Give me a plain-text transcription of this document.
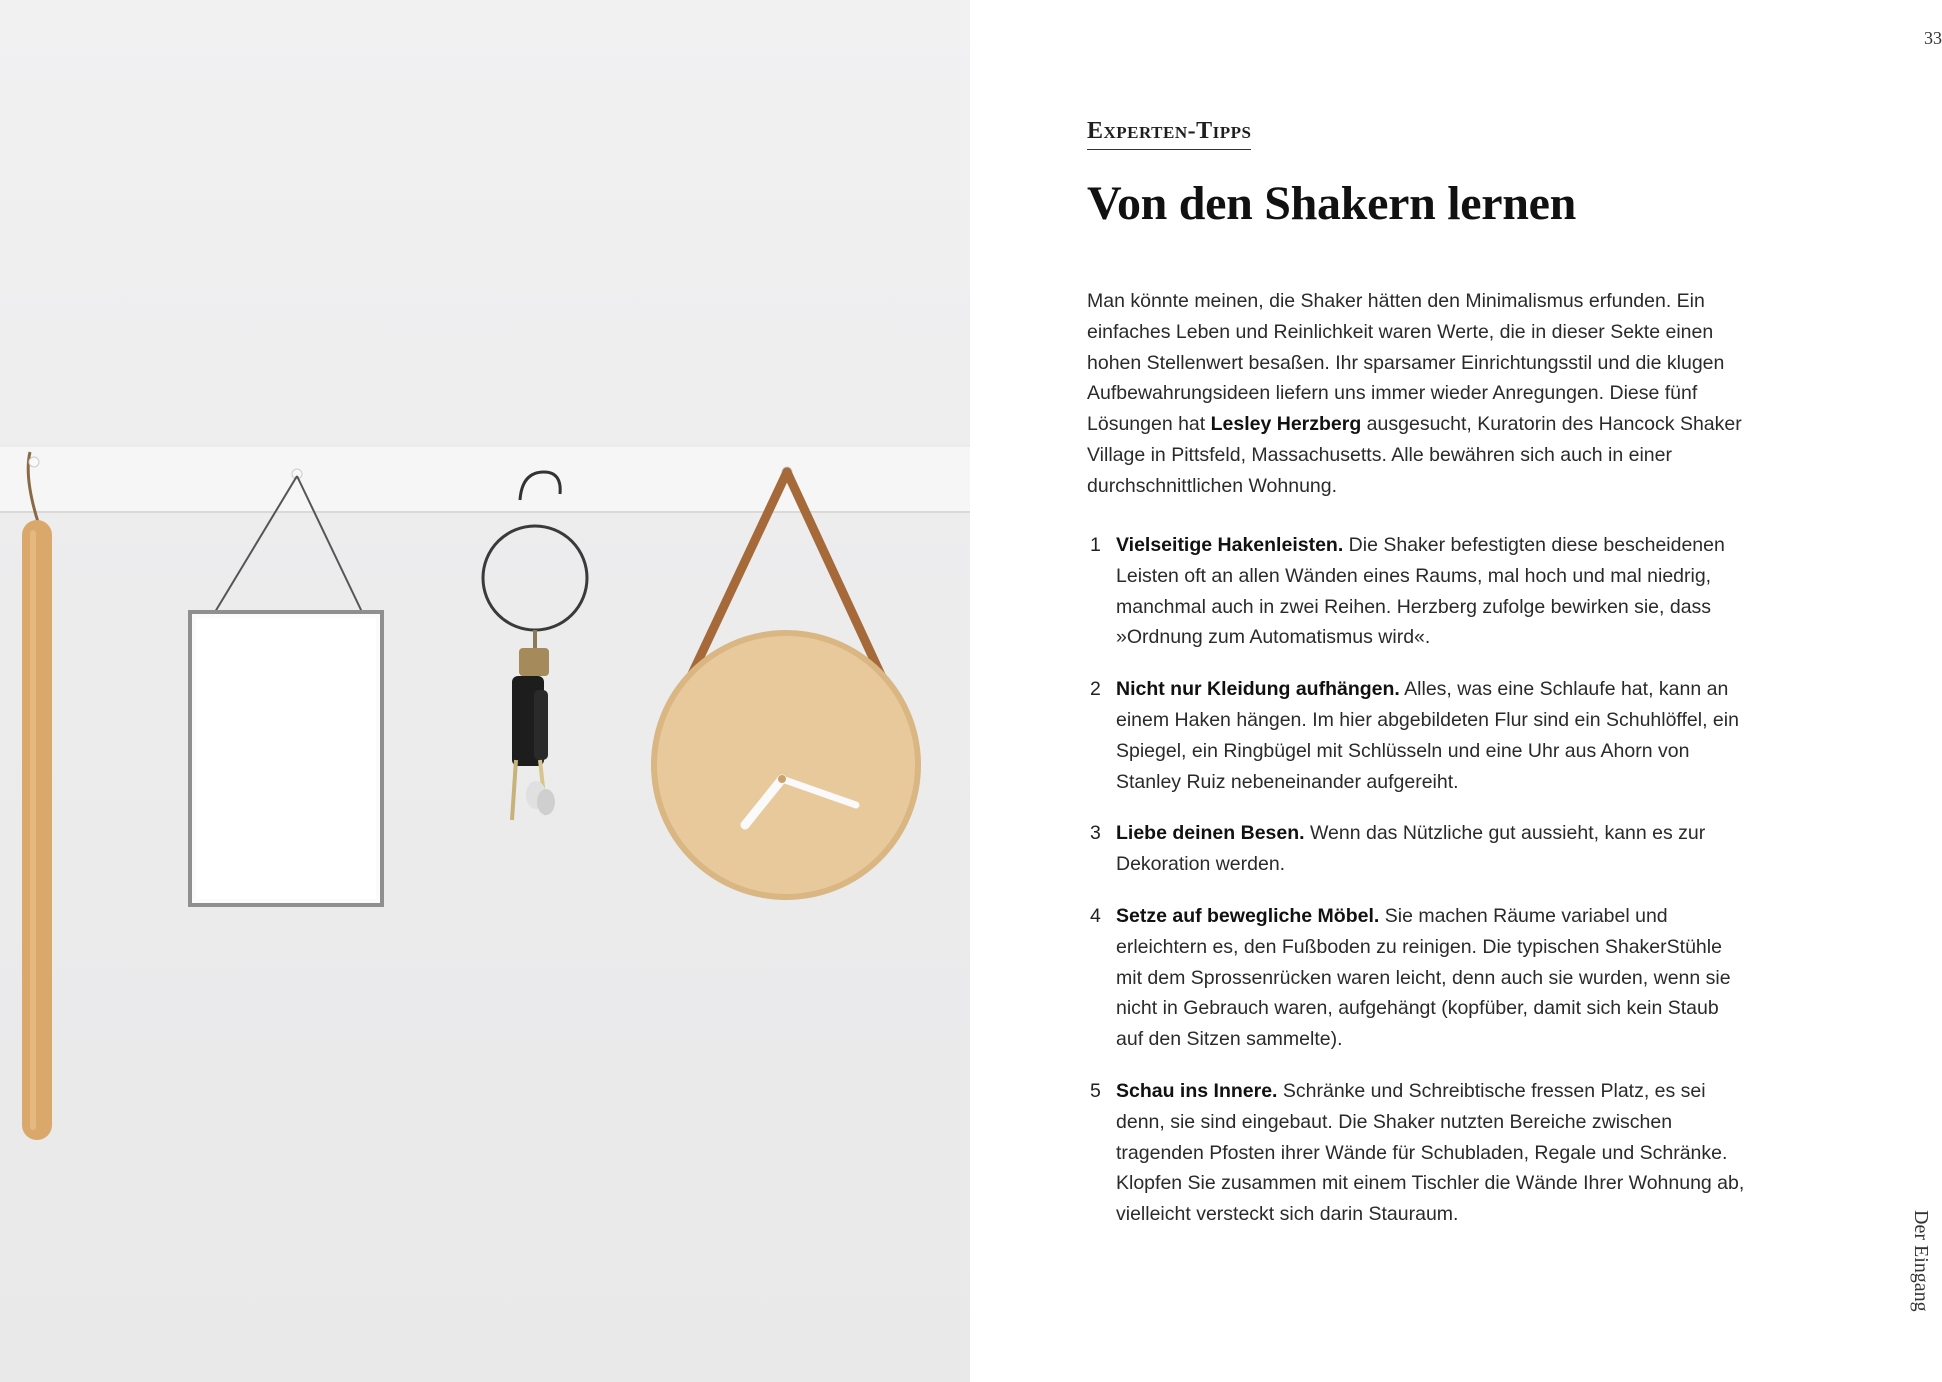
33
Experten-Tipps
Von den Shakern lernen

Man könnte meinen, die Shaker hätten den Minimalismus erfunden. Ein einfaches Leben und Reinlichkeit waren Werte, die in dieser Sekte einen hohen Stellenwert besaßen. Ihr sparsamer Einrichtungsstil und die klugen Aufbewahrungsideen liefern uns immer wieder Anregungen. Diese fünf Lösungen hat Lesley Herzberg ausgesucht, Kuratorin des Hancock Shaker Village in Pittsfeld, Massachusetts. Alle bewähren sich auch in einer durchschnittlichen Wohnung.

1 Vielseitige Hakenleisten. Die Shaker befestigten diese bescheidenen Leisten oft an allen Wänden eines Raums, mal hoch und mal niedrig, manchmal auch in zwei Reihen. Herzberg zufolge bewirken sie, dass »Ordnung zum Automatismus wird«.
2 Nicht nur Kleidung aufhängen. Alles, was eine Schlaufe hat, kann an einem Haken hängen. Im hier abgebildeten Flur sind ein Schuhlöffel, ein Spiegel, ein Ringbügel mit Schlüsseln und eine Uhr aus Ahorn von Stanley Ruiz nebeneinander aufgereiht.
3 Liebe deinen Besen. Wenn das Nützliche gut aussieht, kann es zur Dekoration werden.
4 Setze auf bewegliche Möbel. Sie machen Räume variabel und erleichtern es, den Fußboden zu reinigen. Die typischen ShakerStühle mit dem Sprossenrücken waren leicht, denn auch sie wurden, wenn sie nicht in Gebrauch waren, aufgehängt (kopfüber, damit sich kein Staub auf den Sitzen sammelte).
5 Schau ins Innere. Schränke und Schreibtische fressen Platz, es sei denn, sie sind eingebaut. Die Shaker nutzten Bereiche zwischen tragenden Pfosten ihrer Wände für Schubladen, Regale und Schränke. Klopfen Sie zusammen mit einem Tischler die Wände Ihrer Wohnung ab, vielleicht versteckt sich darin Stauraum.	Der Eingang
